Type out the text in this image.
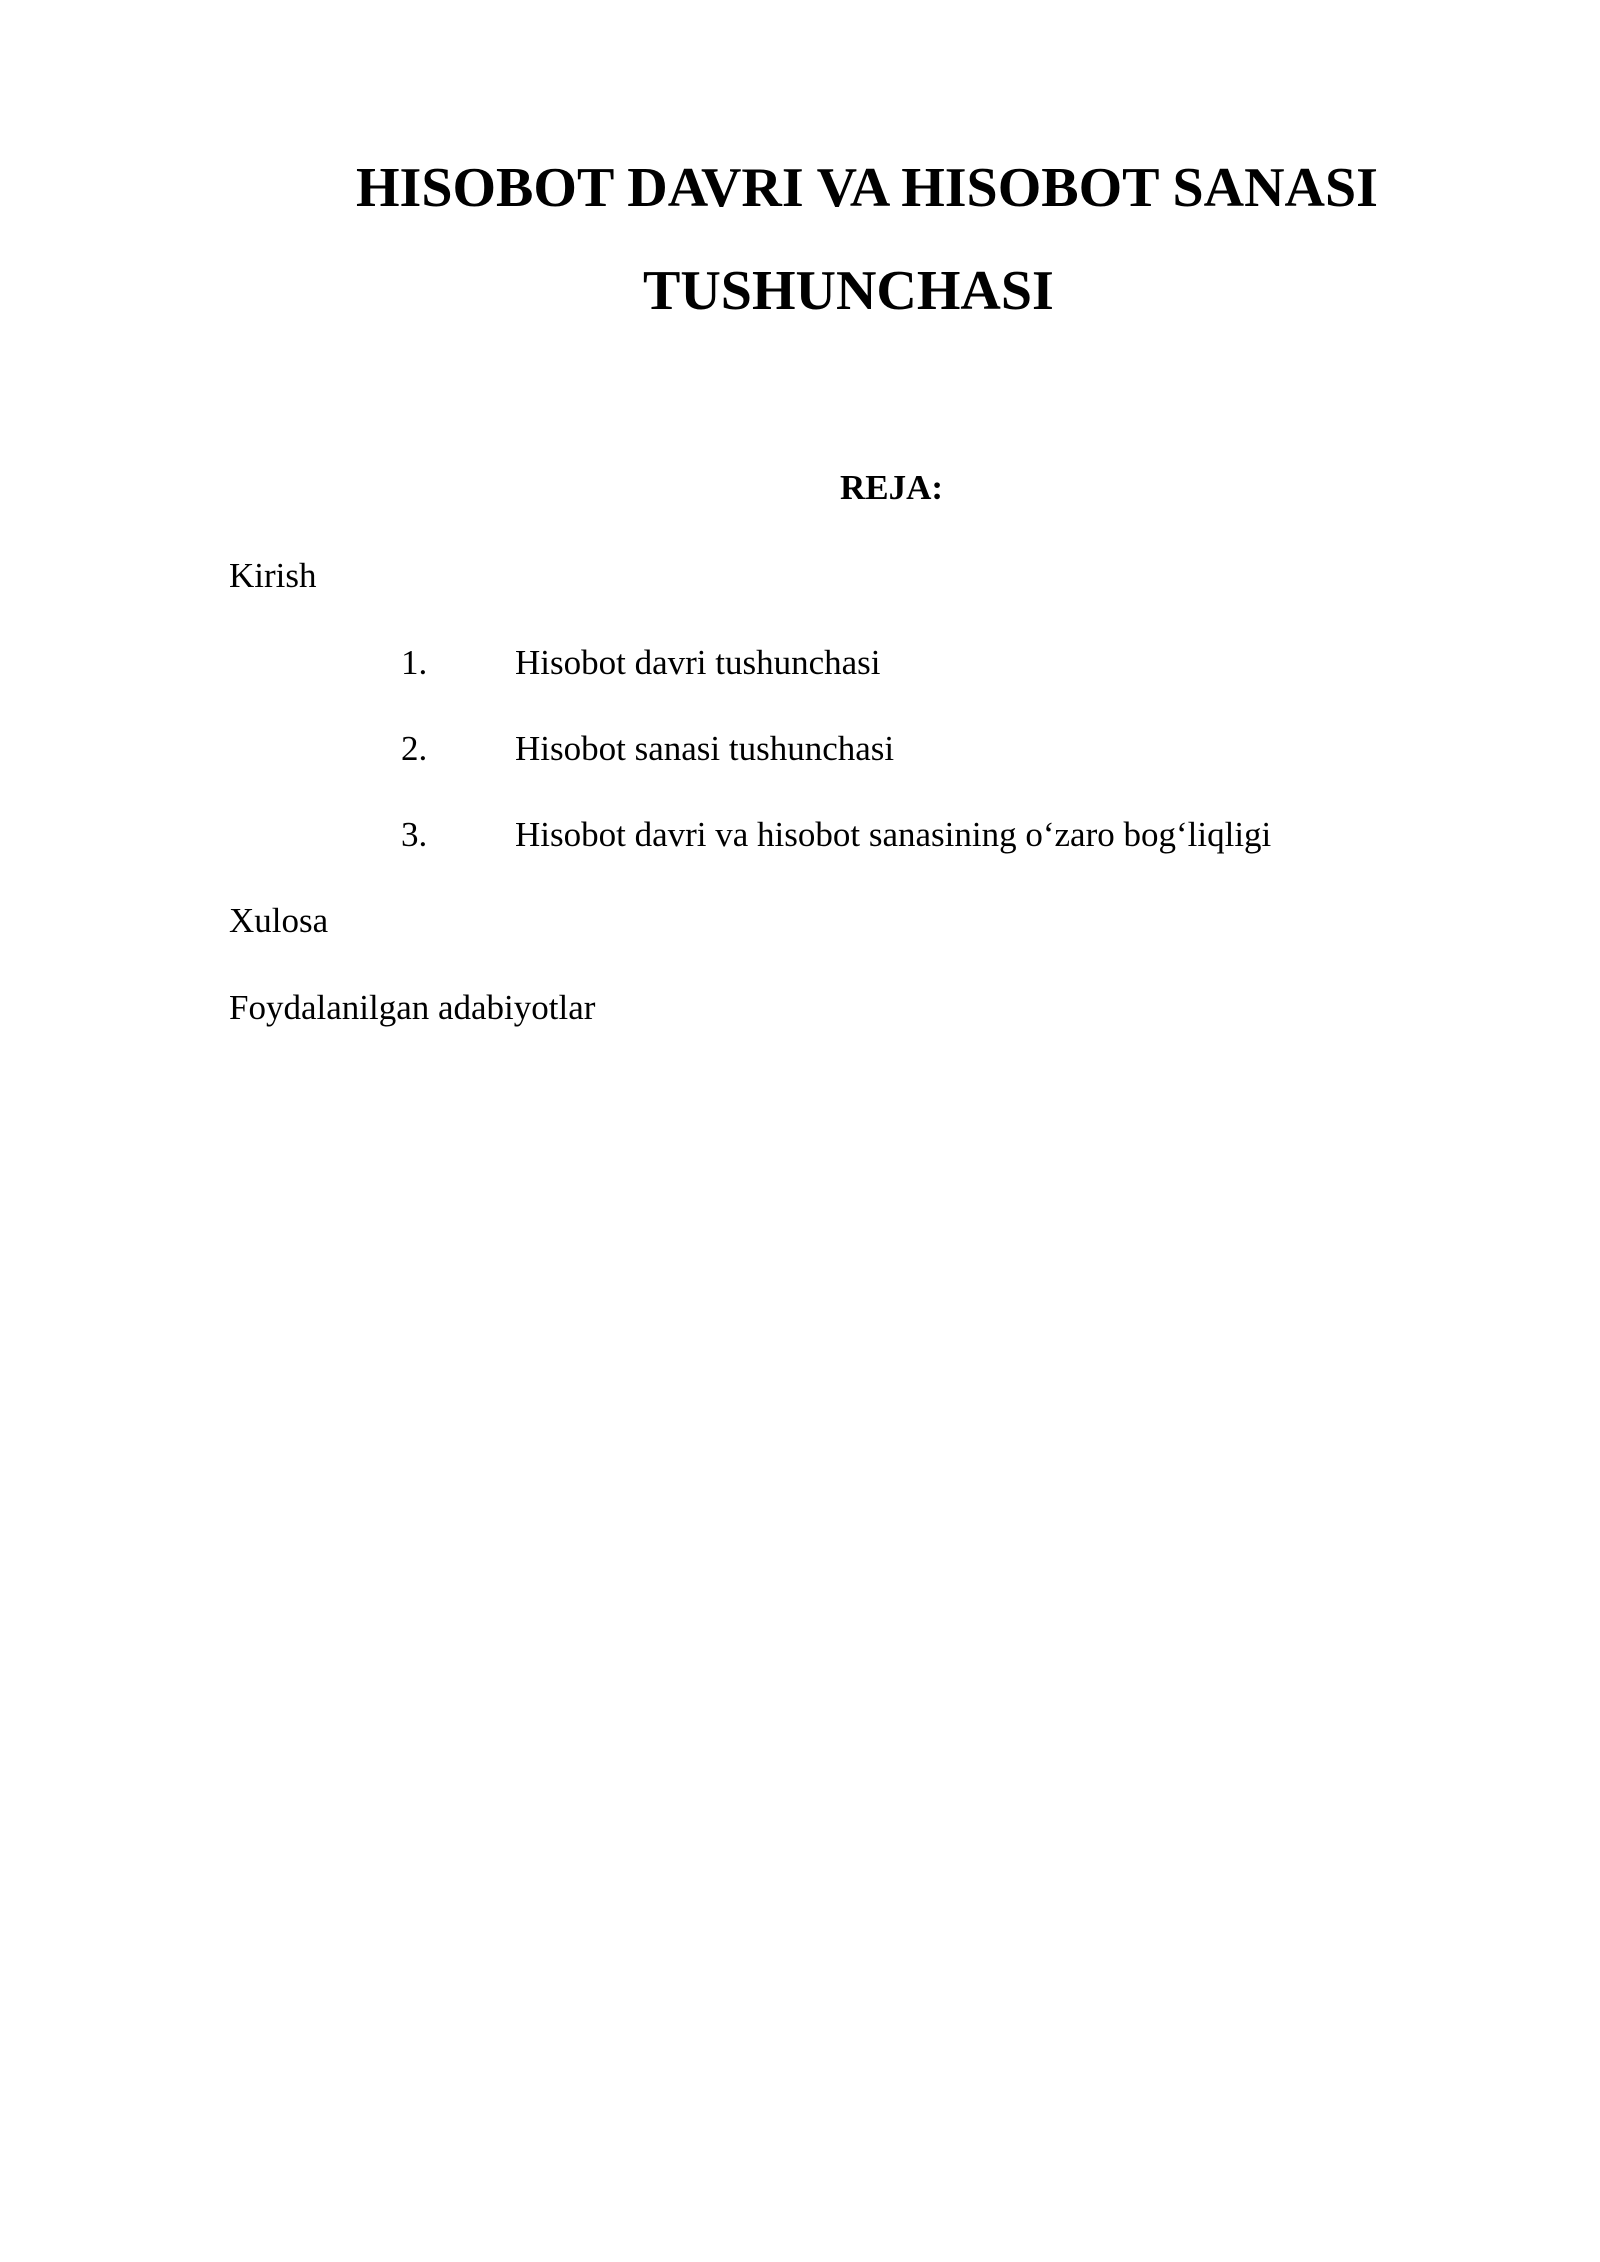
HISOBOT DAVRI VA HISOBOT SANASI
TUSHUNCHASI
REJA:
Kirish
1.	Hisobot davri tushunchasi
2.	Hisobot sanasi tushunchasi
3.	Hisobot davri va hisobot sanasining o‘zaro bog‘liqligi
Xulosa
Foydalanilgan adabiyotlar
